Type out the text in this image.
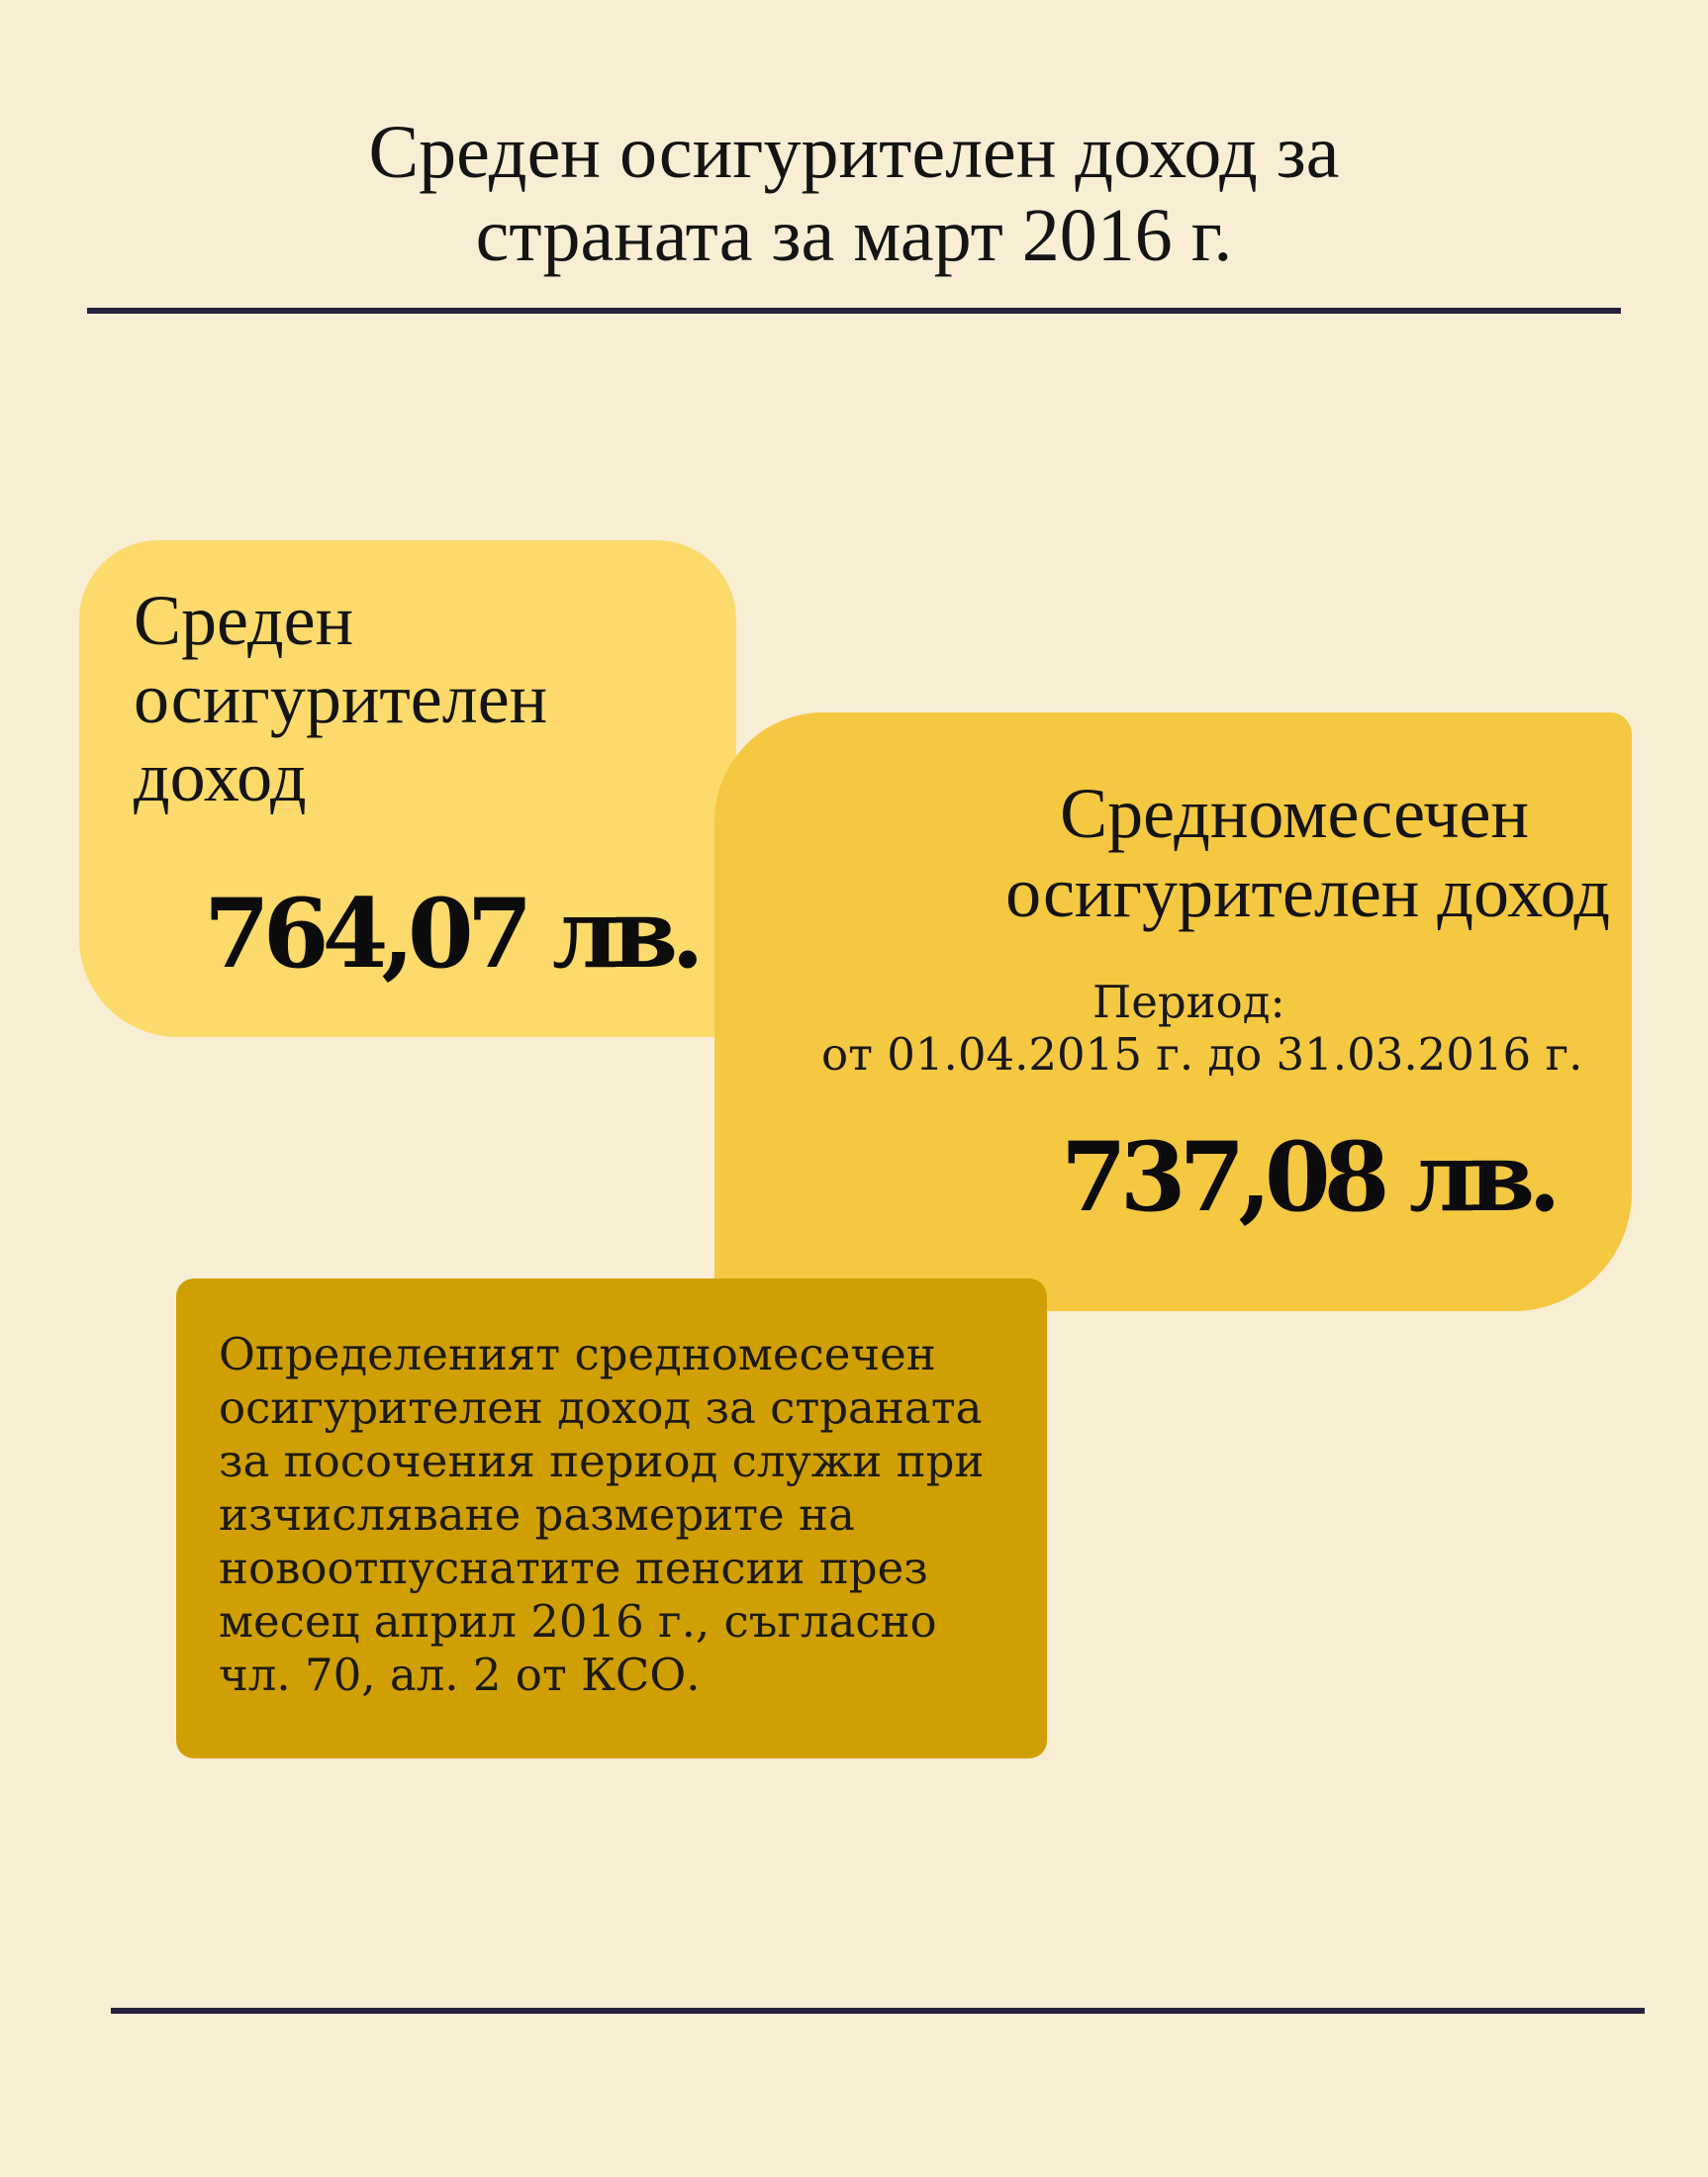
Среден осигурителен доход за
страната за март 2016 г.
Среден
осигурителен
доход
764,07 лв.
Средномесечен
осигурителен доход
Период:
от 01.04.2015 г. до 31.03.2016 г.
737,08 лв.
Определеният средномесечен
осигурителен доход за страната
за посочения период служи при
изчисляване размерите на
новоотпуснатите пенсии през
месец април 2016 г., съгласно
чл. 70, ал. 2 от КСО.
